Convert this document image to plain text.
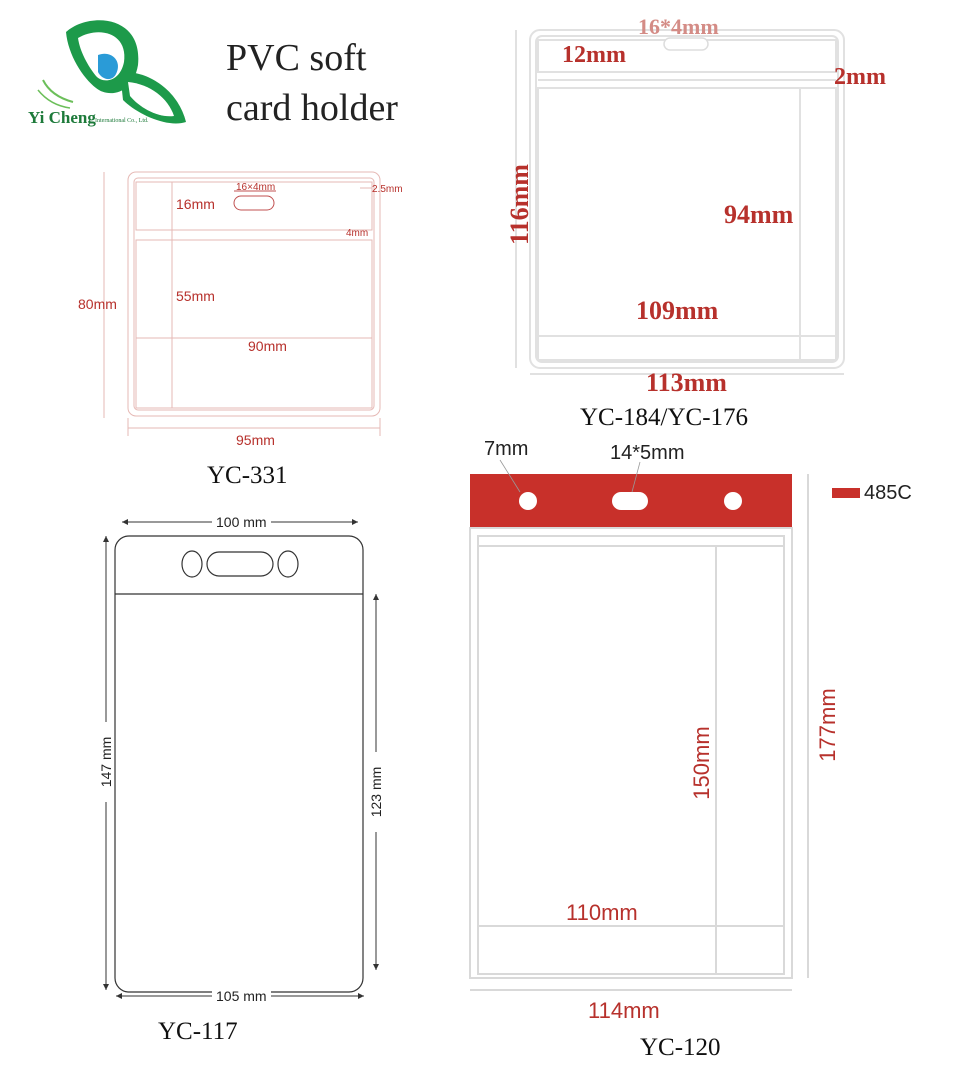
Yi Cheng International Co., Ltd.
PVC soft
card holder
16×4mm
16mm
2.5mm
4mm
55mm
90mm
80mm
95mm
YC-331
16*4mm
12mm
2mm
116mm	94mm
109mm
113mm
YC-184/YC-176
100 mm
147 mm
123 mm
105 mm
YC-117
7mm	14*5mm
485C
150mm
177mm
110mm
114mm
YC-120
